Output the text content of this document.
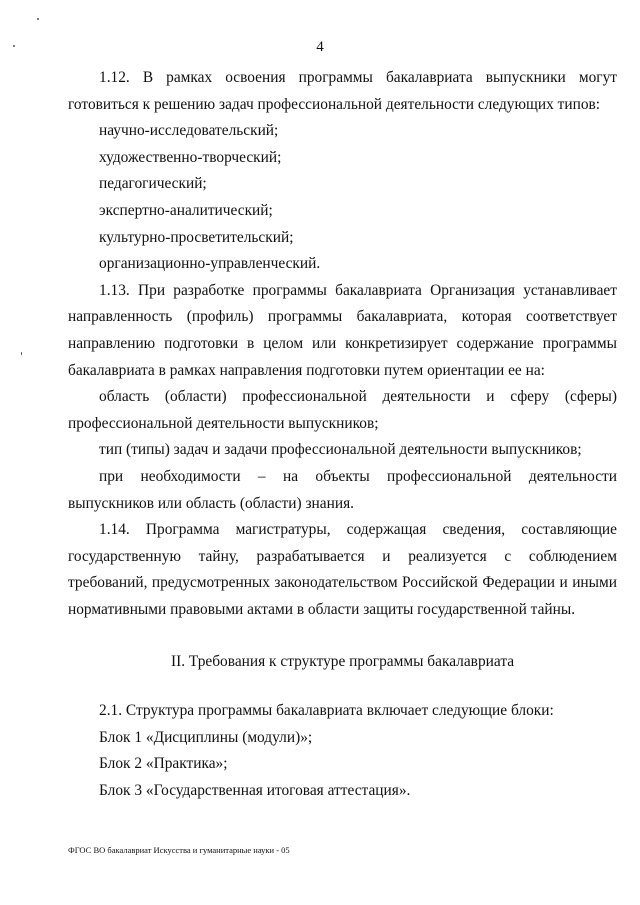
4

1.12. В рамках освоения программы бакалавриата выпускники могут готовиться к решению задач профессиональной деятельности следующих типов:

научно-исследовательский;

художественно-творческий;

педагогический;

экспертно-аналитический;

культурно-просветительский;

организационно-управленческий.

1.13. При разработке программы бакалавриата Организация устанавливает направленность (профиль) программы бакалавриата, которая соответствует направлению подготовки в целом или конкретизирует содержание программы бакалавриата в рамках направления подготовки путем ориентации ее на:

область (области) профессиональной деятельности и сферу (сферы) профессиональной деятельности выпускников;

тип (типы) задач и задачи профессиональной деятельности выпускников;

при необходимости – на объекты профессиональной деятельности выпускников или область (области) знания.

1.14. Программа магистратуры, содержащая сведения, составляющие государственную тайну, разрабатывается и реализуется с соблюдением требований, предусмотренных законодательством Российской Федерации и иными нормативными правовыми актами в области защиты государственной тайны.

II. Требования к структуре программы бакалавриата

2.1. Структура программы бакалавриата включает следующие блоки:

Блок 1 «Дисциплины (модули)»;

Блок 2 «Практика»;

Блок 3 «Государственная итоговая аттестация».

ФГОС ВО бакалавриат Искусства и гуманитарные науки - 05
